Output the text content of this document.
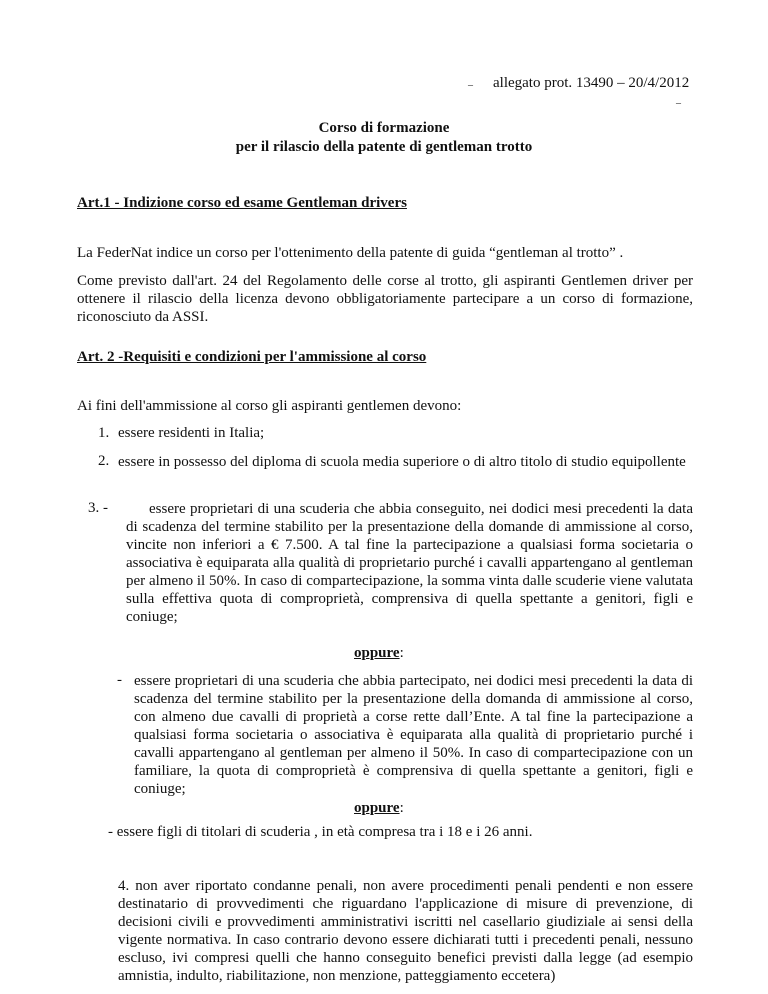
– allegato prot. 13490 – 20/4/2012
–
Corso di formazione
per il rilascio della patente di gentleman trotto
Art.1 - Indizione corso ed esame Gentleman drivers
La FederNat indice un corso per l'ottenimento della patente di guida “gentleman al trotto” .
Come previsto dall'art. 24 del Regolamento delle corse al trotto, gli aspiranti Gentlemen driver per ottenere il rilascio della licenza devono obbligatoriamente partecipare a un corso di formazione, riconosciuto da ASSI.
Art. 2 -Requisiti e condizioni per l'ammissione al corso
Ai fini dell'ammissione al corso gli aspiranti gentlemen devono:
1. essere residenti in Italia;
2. essere in possesso del diploma di scuola media superiore o di altro titolo di studio equipollente
3. -	essere proprietari di una scuderia che abbia conseguito, nei dodici mesi precedenti la data di scadenza del termine stabilito per la presentazione della domande di ammissione al corso, vincite non inferiori a € 7.500. A tal fine la partecipazione a qualsiasi forma societaria o associativa è equiparata alla qualità di proprietario purché i cavalli appartengano al gentleman per almeno il 50%. In caso di compartecipazione, la somma vinta dalle scuderie viene valutata sulla effettiva quota di comproprietà, comprensiva di quella spettante a genitori, figli e coniuge;
oppure:
- essere proprietari di una scuderia che abbia partecipato, nei dodici mesi precedenti la data di scadenza del termine stabilito per la presentazione della domanda di ammissione al corso, con almeno due cavalli di proprietà a corse rette dall’Ente. A tal fine la partecipazione a qualsiasi forma societaria o associativa è equiparata alla qualità di proprietario purché i cavalli appartengano al gentleman per almeno il 50%. In caso di compartecipazione con un familiare, la quota di comproprietà è comprensiva di quella spettante a genitori, figli e coniuge;
oppure:
- essere figli di titolari di scuderia , in età compresa tra i 18 e i 26 anni.
4. non aver riportato condanne penali, non avere procedimenti penali pendenti e non essere destinatario di provvedimenti che riguardano l'applicazione di misure di prevenzione, di decisioni civili e provvedimenti amministrativi iscritti nel casellario giudiziale ai sensi della vigente normativa. In caso contrario devono essere dichiarati tutti i precedenti penali, nessuno escluso, ivi compresi quelli che hanno conseguito benefici previsti dalla legge (ad esempio amnistia, indulto, riabilitazione, non menzione, patteggiamento eccetera)
